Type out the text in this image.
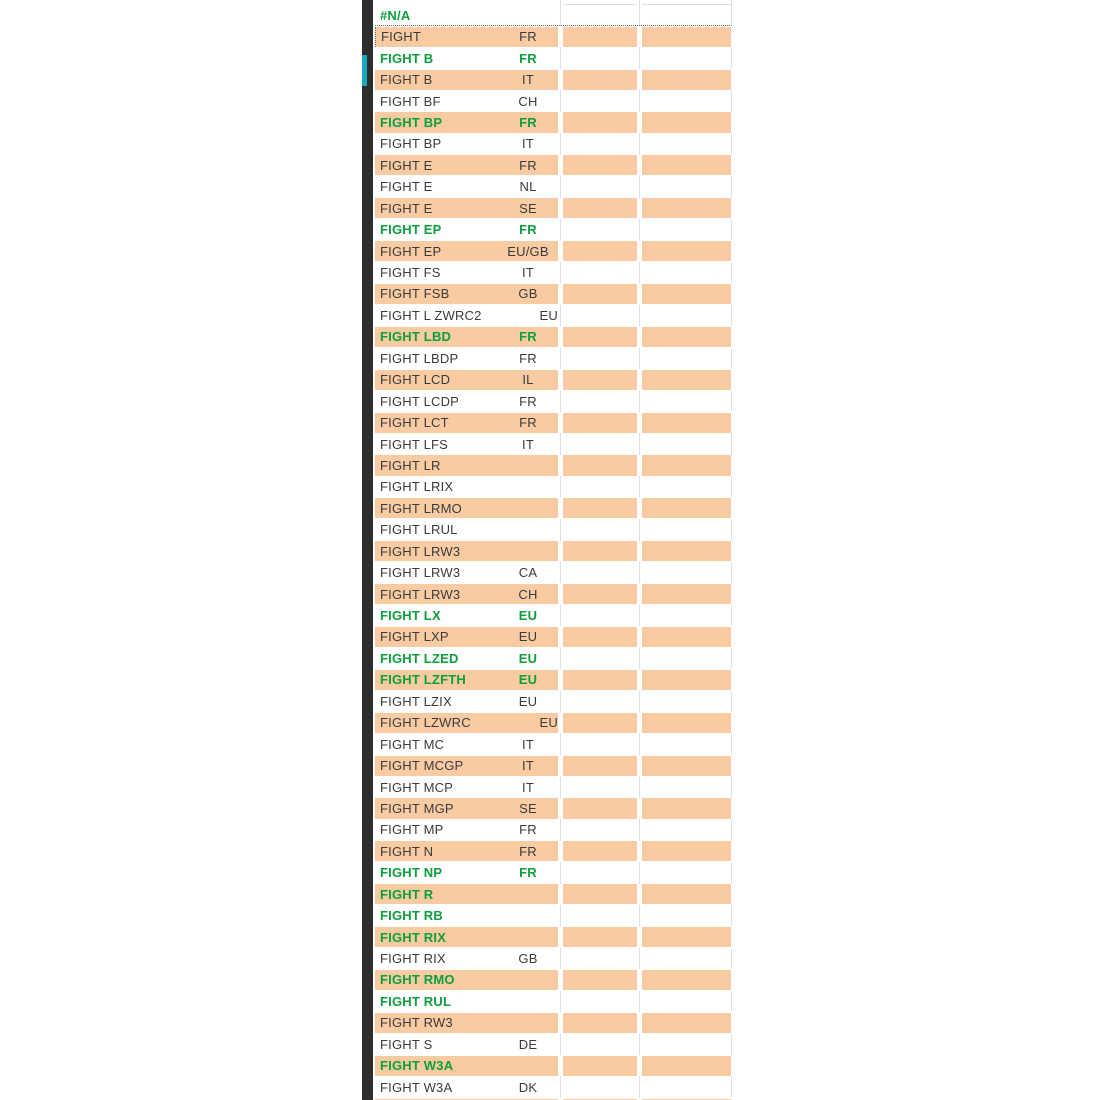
#N/A
FIGHT	FR
FIGHT B	FR
FIGHT B	IT
FIGHT BF	CH
FIGHT BP	FR
FIGHT BP	IT
FIGHT E	FR
FIGHT E	NL
FIGHT E	SE
FIGHT EP	FR
FIGHT EP	EU/GB
FIGHT FS	IT
FIGHT FSB	GB
FIGHT L ZWRC2	EU
FIGHT LBD	FR
FIGHT LBDP	FR
FIGHT LCD	IL
FIGHT LCDP	FR
FIGHT LCT	FR
FIGHT LFS	IT
FIGHT LR
FIGHT LRIX
FIGHT LRMO
FIGHT LRUL
FIGHT LRW3
FIGHT LRW3	CA
FIGHT LRW3	CH
FIGHT LX	EU
FIGHT LXP	EU
FIGHT LZED	EU
FIGHT LZFTH	EU
FIGHT LZIX	EU
FIGHT LZWRC	EU
FIGHT MC	IT
FIGHT MCGP	IT
FIGHT MCP	IT
FIGHT MGP	SE
FIGHT MP	FR
FIGHT N	FR
FIGHT NP	FR
FIGHT R
FIGHT RB
FIGHT RIX
FIGHT RIX	GB
FIGHT RMO
FIGHT RUL
FIGHT RW3
FIGHT S	DE
FIGHT W3A
FIGHT W3A	DK
